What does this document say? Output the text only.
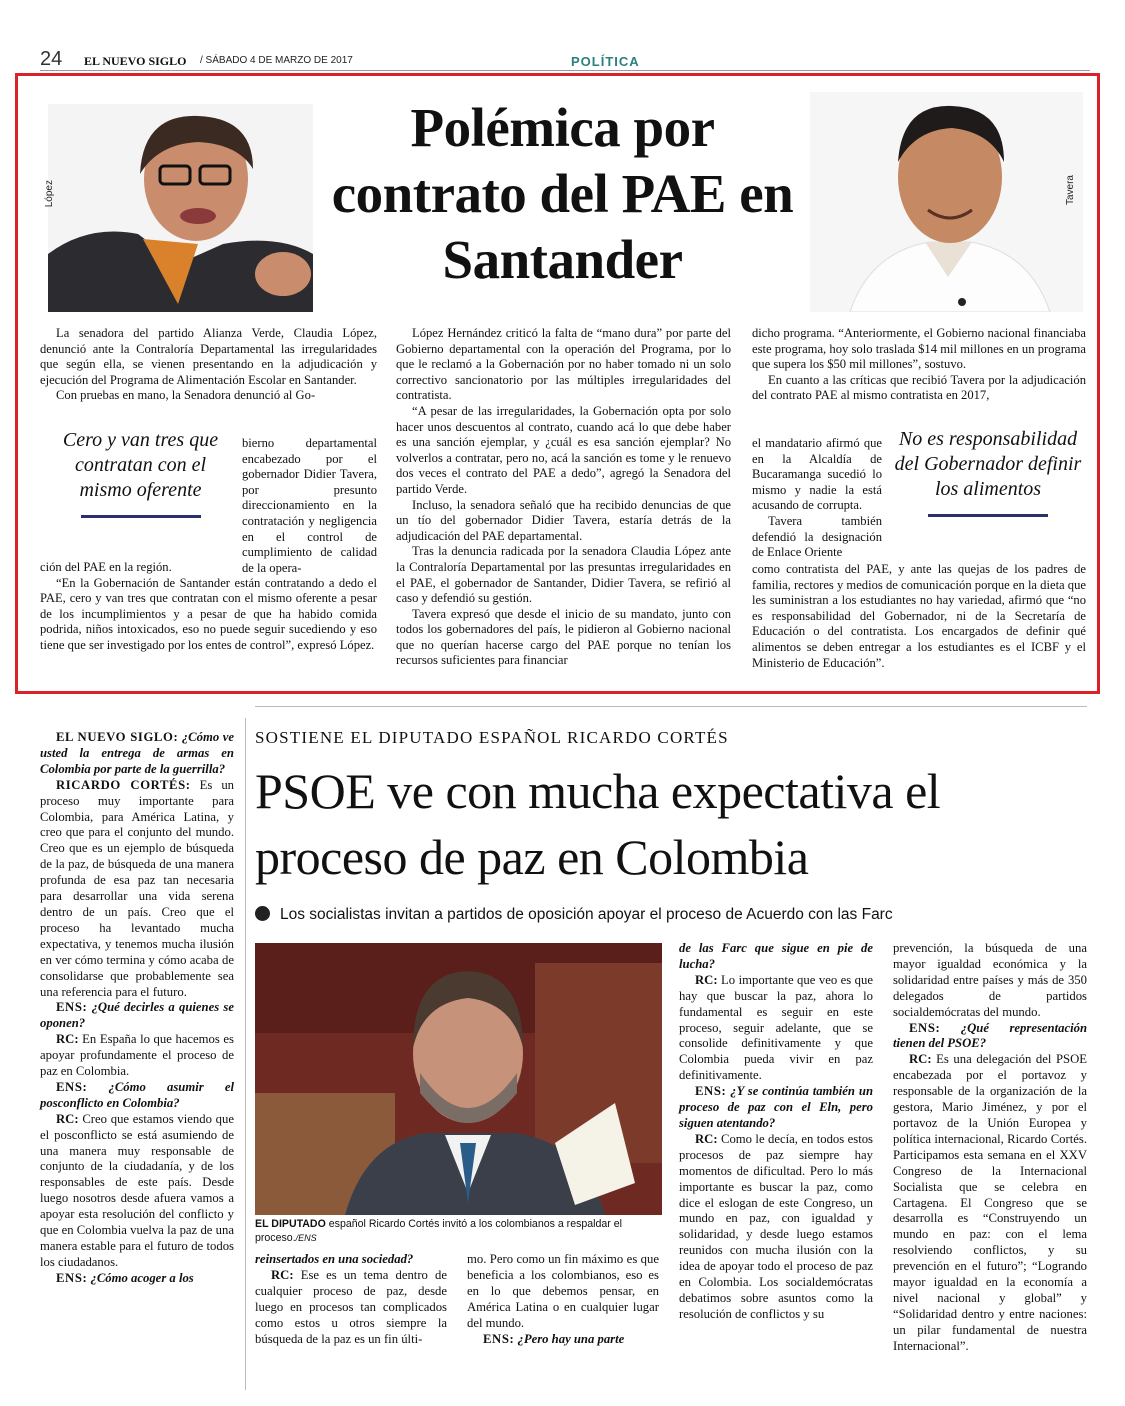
24 EL NUEVO SIGLO / SÁBADO 4 DE MARZO DE 2017	POLÍTICA
López	Tavera
Polémica por contrato del PAE en Santander

La senadora del partido Alianza Verde, Claudia López, denunció ante la Contraloría Departamental las irregularidades que según ella, se vienen presentando en la adjudicación y ejecución del Programa de Alimentación Escolar en Santander.

Con pruebas en mano, la Senadora denunció al Go-

Cero y van tres que contratan con el mismo oferente

bierno departamental encabezado por el gobernador Didier Tavera, por presunto direccionamiento en la contratación y negligencia en el control de cumplimiento de calidad de la opera-

ción del PAE en la región.

“En la Gobernación de Santander están contratando a dedo el PAE, cero y van tres que contratan con el mismo oferente a pesar de los incumplimientos y a pesar de que ha habido comida podrida, niños intoxicados, eso no puede seguir sucediendo y eso tiene que ser investigado por los entes de control”, expresó López.

López Hernández criticó la falta de “mano dura” por parte del Gobierno departamental con la operación del Programa, por lo que le reclamó a la Gobernación por no haber tomado ni un solo correctivo sancionatorio por las múltiples irregularidades del contratista.

“A pesar de las irregularidades, la Gobernación opta por solo hacer unos descuentos al contrato, cuando acá lo que debe haber es una sanción ejemplar, y ¿cuál es esa sanción ejemplar? No volverlos a contratar, pero no, acá la sanción es tome y le renuevo dos veces el contrato del PAE a dedo”, agregó la Senadora del partido Verde.

Incluso, la senadora señaló que ha recibido denuncias de que un tío del gobernador Didier Tavera, estaría detrás de la adjudicación del PAE departamental.

Tras la denuncia radicada por la senadora Claudia López ante la Contraloría Departamental por las presuntas irregularidades en el PAE, el gobernador de Santander, Didier Tavera, se refirió al caso y defendió su gestión.

Tavera expresó que desde el inicio de su mandato, junto con todos los gobernadores del país, le pidieron al Gobierno nacional que no querían hacerse cargo del PAE porque no tenían los recursos suficientes para financiar

dicho programa. “Anteriormente, el Gobierno nacional financiaba este programa, hoy solo traslada $14 mil millones en un programa que supera los $50 mil millones”, sostuvo.

En cuanto a las críticas que recibió Tavera por la adjudicación del contrato PAE al mismo contratista en 2017,

el mandatario afirmó que en la Alcaldía de Bucaramanga sucedió lo mismo y nadie la está acusando de corrupta.

Tavera también defendió la designación de Enlace Oriente

No es responsabilidad del Gobernador definir los alimentos

como contratista del PAE, y ante las quejas de los padres de familia, rectores y medios de comunicación porque en la dieta que les suministran a los estudiantes no hay variedad, afirmó que “no es responsabilidad del Gobernador, ni de la Secretaría de Educación o del contratista. Los encargados de definir qué alimentos se deben entregar a los estudiantes es el ICBF y el Ministerio de Educación”.

SOSTIENE EL DIPUTADO ESPAÑOL RICARDO CORTÉS
PSOE ve con mucha expectativa el proceso de paz en Colombia
Los socialistas invitan a partidos de oposición apoyar el proceso de Acuerdo con las Farc
EL DIPUTADO español Ricardo Cortés invitó a los colombianos a respaldar el proceso./ENS

EL NUEVO SIGLO: ¿Cómo ve usted la entrega de armas en Colombia por parte de la guerrilla?

RICARDO CORTÉS: Es un proceso muy importante para Colombia, para América Latina, y creo que para el conjunto del mundo. Creo que es un ejemplo de búsqueda de la paz, de búsqueda de una manera profunda de esa paz tan necesaria para desarrollar una vida serena dentro de un país. Creo que el proceso ha levantado mucha expectativa, y tenemos mucha ilusión en ver cómo termina y cómo acaba de consolidarse que probablemente sea una referencia para el futuro.

ENS: ¿Qué decirles a quienes se oponen?

RC: En España lo que hacemos es apoyar profundamente el proceso de paz en Colombia.

ENS: ¿Cómo asumir el posconflicto en Colombia?

RC: Creo que estamos viendo que el posconflicto se está asumiendo de una manera muy responsable de conjunto de la ciudadanía, y de los responsables de este país. Desde luego nosotros desde afuera vamos a apoyar esta resolución del conflicto y que en Colombia vuelva la paz de una manera estable para el futuro de todos los ciudadanos.

ENS: ¿Cómo acoger a los

reinsertados en una sociedad?

RC: Ese es un tema dentro de cualquier proceso de paz, desde luego en procesos tan complicados como estos u otros siempre la búsqueda de la paz es un fin últi-

mo. Pero como un fin máximo es que beneficia a los colombianos, eso es en lo que debemos pensar, en América Latina o en cualquier lugar del mundo.

ENS: ¿Pero hay una parte

de las Farc que sigue en pie de lucha?

RC: Lo importante que veo es que hay que buscar la paz, ahora lo fundamental es seguir en este proceso, seguir adelante, que se consolide definitivamente y que Colombia pueda vivir en paz definitivamente.

ENS: ¿Y se continúa también un proceso de paz con el Eln, pero siguen atentando?

RC: Como le decía, en todos estos procesos de paz siempre hay momentos de dificultad. Pero lo más importante es buscar la paz, como dice el eslogan de este Congreso, un mundo en paz, con igualdad y solidaridad, y desde luego estamos reunidos con mucha ilusión con la idea de apoyar todo el proceso de paz en Colombia. Los socialdemócratas debatimos sobre asuntos como la resolución de conflictos y su

prevención, la búsqueda de una mayor igualdad económica y la solidaridad entre países y más de 350 delegados de partidos socialdemócratas del mundo.

ENS: ¿Qué representación tienen del PSOE?

RC: Es una delegación del PSOE encabezada por el portavoz y responsable de la organización de la gestora, Mario Jiménez, y por el portavoz de la Unión Europea y política internacional, Ricardo Cortés. Participamos esta semana en el XXV Congreso de la Internacional Socialista que se celebra en Cartagena. El Congreso que se desarrolla es “Construyendo un mundo en paz: con el lema resolviendo conflictos, y su prevención en el futuro”; “Logrando mayor igualdad en la economía a nivel nacional y global” y “Solidaridad dentro y entre naciones: un pilar fundamental de nuestra Internacional”.
